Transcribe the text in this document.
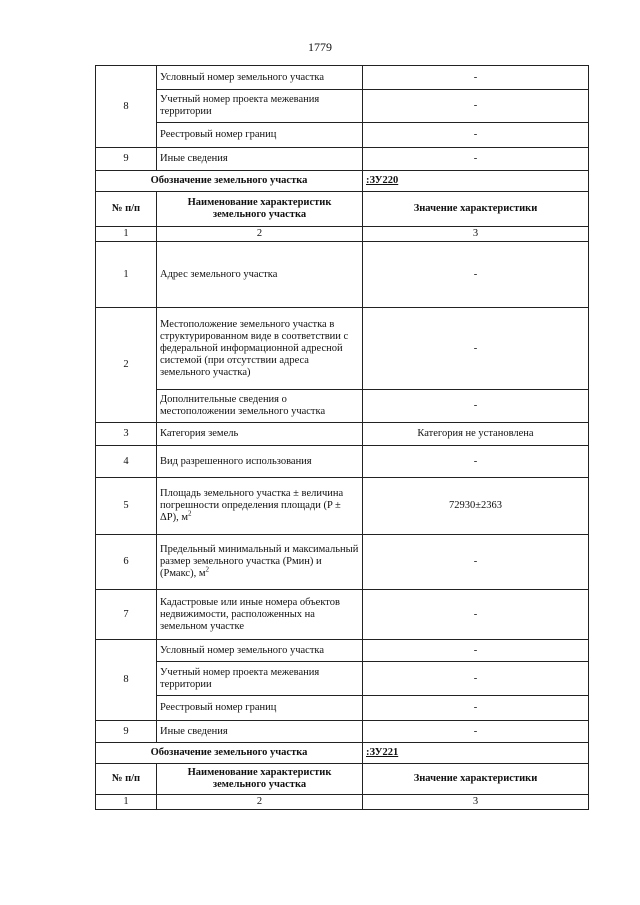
1779
8	Условный номер земельного участка	-
	Учетный номер проекта межевания территории	-
	Реестровый номер границ	-
9	Иные сведения	-
Обозначение земельного участка		:ЗУ220
№ п/п	Наименование характеристик земельного участка	Значение характеристики
1	2	3
1	Адрес земельного участка	-
2	Местоположение земельного участка в структурированном виде в соответствии с федеральной информационной адресной системой (при отсутствии адреса земельного участка)	-
	Дополнительные сведения о местоположении земельного участка	-
3	Категория земель	Категория не установлена
4	Вид разрешенного использования	-
5	Площадь земельного участка ± величина погрешности определения площади (P ± ΔP), $м^2$	72930±2363
6	Предельный минимальный и максимальный размер земельного участка (Рмин) и (Рмакс), $м^2$	-
7	Кадастровые или иные номера объектов недвижимости, расположенных на земельном участке	-
8	Условный номер земельного участка	-
	Учетный номер проекта межевания территории	-
	Реестровый номер границ	-
9	Иные сведения	-
Обозначение земельного участка		:ЗУ221
№ п/п	Наименование характеристик земельного участка	Значение характеристики
1	2	3
